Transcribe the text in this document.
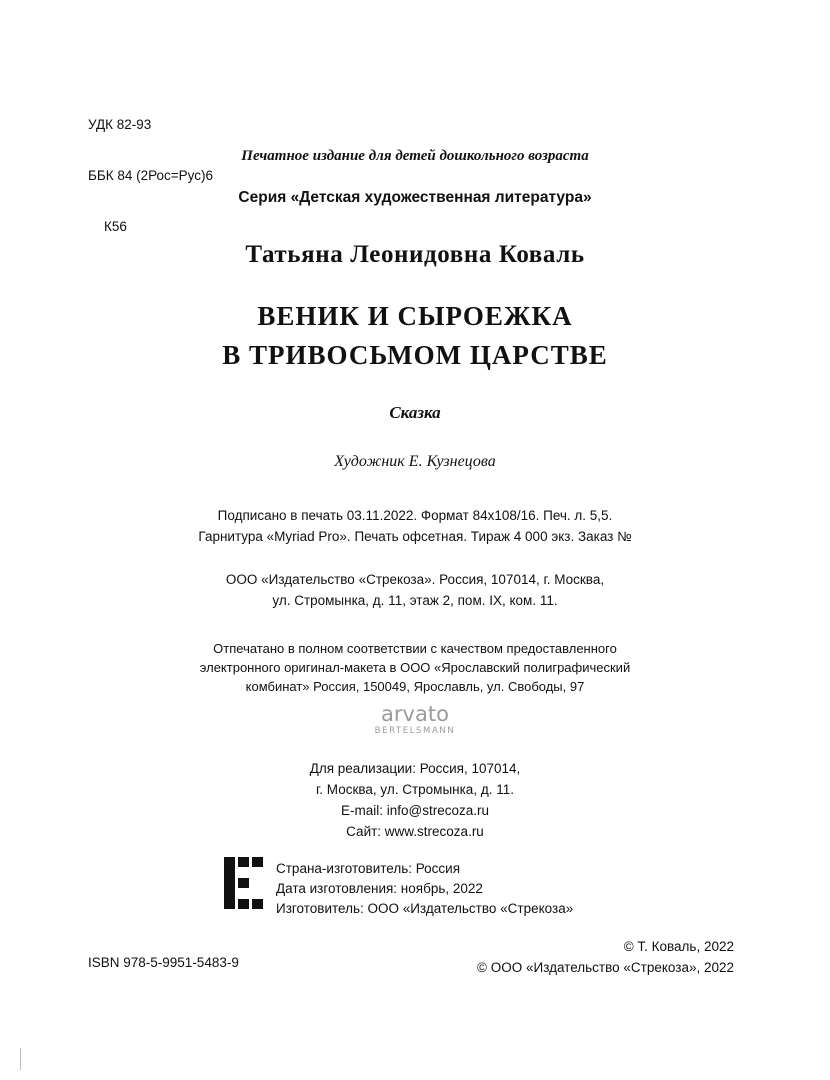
УДК 82-93

ББК 84 (2Рос=Рус)6

К56

Печатное издание для детей дошкольного возраста
Серия «Детская художественная литература»
Татьяна Леонидовна Коваль
ВЕНИК И СЫРОЕЖКА
В ТРИВОСЬМОМ ЦАРСТВЕ
Сказка
Художник Е. Кузнецова
Подписано в печать 03.11.2022. Формат 84х108/16. Печ. л. 5,5.
Гарнитура «Myriad Pro». Печать офсетная. Тираж 4 000 экз. Заказ №
ООО «Издательство «Стрекоза». Россия, 107014, г. Москва,
ул. Стромынка, д. 11, этаж 2, пом. IX, ком. 11.
Отпечатано в полном соответствии с качеством предоставленного
электронного оригинал-макета в ООО «Ярославский полиграфический
комбинат» Россия, 150049, Ярославль, ул. Свободы, 97
arvato
BERTELSMANN
Для реализации: Россия, 107014,
г. Москва, ул. Стромынка, д. 11.
E-mail: info@strecoza.ru
Сайт: www.strecoza.ru
Страна-изготовитель: Россия
Дата изготовления: ноябрь, 2022
Изготовитель: ООО «Издательство «Стрекоза»
ISBN 978-5-9951-5483-9
© Т. Коваль, 2022
© ООО «Издательство «Стрекоза», 2022
